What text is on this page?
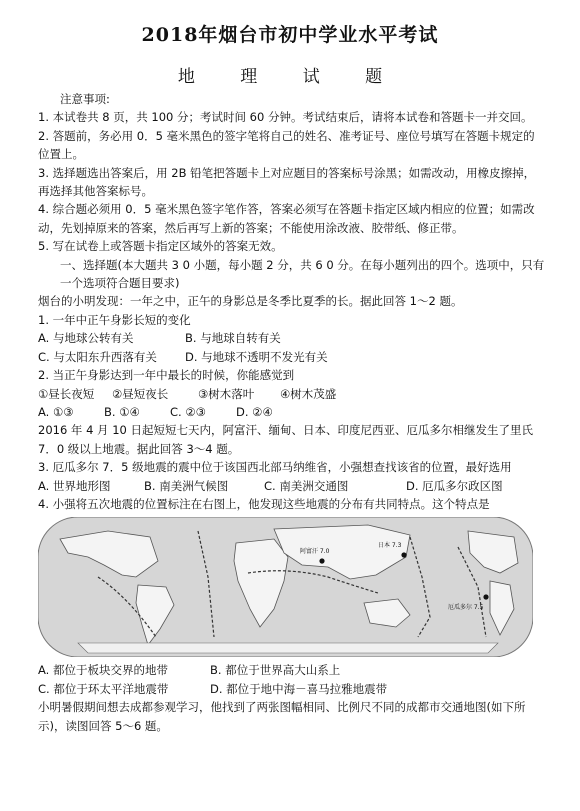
2018年烟台市初中学业水平考试
地 理 试 题

注意事项:

1. 本试卷共 8 页，共 100 分；考试时间 60 分钟。考试结束后，请将本试卷和答题卡一并交回。

2. 答题前，务必用 0．5 毫米黑色的签字笔将自己的姓名、准考证号、座位号填写在答题卡规定的位置上。

3. 选择题选出答案后，用 2B 铅笔把答题卡上对应题目的答案标号涂黑；如需改动，用橡皮擦掉，再选择其他答案标号。

4. 综合题必须用 0．5 毫米黑色签字笔作答，答案必须写在答题卡指定区域内相应的位置；如需改动，先划掉原来的答案，然后再写上新的答案；不能使用涂改液、胶带纸、修正带。

5. 写在试卷上或答题卡指定区域外的答案无效。

一、选择题(本大题共 3 0 小题，每小题 2 分，共 6 0 分。在每小题列出的四个。选项中，只有一个选项符合题目要求)

烟台的小明发现：一年之中，正午的身影总是冬季比夏季的长。据此回答 1～2 题。

1. 一年中正午身影长短的变化

A. 与地球公转有关	B. 与地球自转有关

C. 与太阳东升西落有关	D. 与地球不透明不发光有关

2. 当正午身影达到一年中最长的时候，你能感觉到

①昼长夜短	②昼短夜长	③树木落叶	④树木茂盛

A. ①③	B. ①④	C. ②③	D. ②④

2016 年 4 月 10 日起短短七天内，阿富汗、缅甸、日本、印度尼西亚、厄瓜多尔相继发生了里氏 7．0 级以上地震。据此回答 3～4 题。

3. 厄瓜多尔 7．5 级地震的震中位于该国西北部马纳维省，小强想查找该省的位置，最好选用

A. 世界地形图	B. 南美洲气候图	C. 南美洲交通图	D. 厄瓜多尔政区图

4. 小强将五次地震的位置标注在右图上，他发现这些地震的分布有共同特点。这个特点是

阿富汗 7.0
日本 7.3
厄瓜多尔 7.5

A. 都位于板块交界的地带	B. 都位于世界高大山系上

C. 都位于环太平洋地震带	D. 都位于地中海－喜马拉雅地震带

小明暑假期间想去成都参观学习，他找到了两张图幅相同、比例尺不同的成都市交通地图(如下所示)，读图回答 5～6 题。
